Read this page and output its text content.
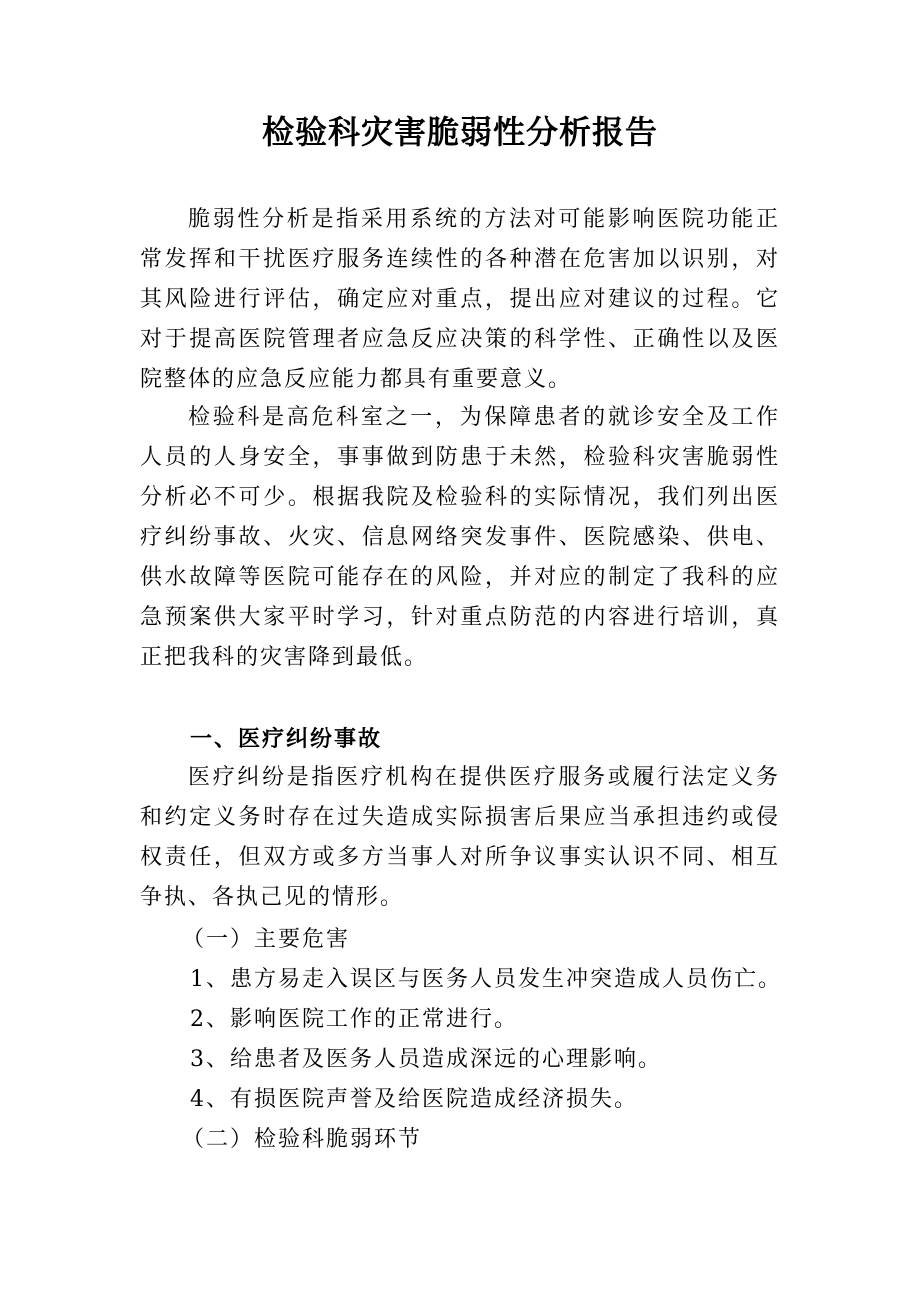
检验科灾害脆弱性分析报告

脆弱性分析是指采用系统的方法对可能影响医院功能正常发挥和干扰医疗服务连续性的各种潜在危害加以识别，对其风险进行评估，确定应对重点，提出应对建议的过程。它对于提高医院管理者应急反应决策的科学性、正确性以及医院整体的应急反应能力都具有重要意义。

检验科是高危科室之一，为保障患者的就诊安全及工作人员的人身安全，事事做到防患于未然，检验科灾害脆弱性分析必不可少。根据我院及检验科的实际情况，我们列出医疗纠纷事故、火灾、信息网络突发事件、医院感染、供电、供水故障等医院可能存在的风险，并对应的制定了我科的应急预案供大家平时学习，针对重点防范的内容进行培训，真正把我科的灾害降到最低。

一、医疗纠纷事故

医疗纠纷是指医疗机构在提供医疗服务或履行法定义务和约定义务时存在过失造成实际损害后果应当承担违约或侵权责任，但双方或多方当事人对所争议事实认识不同、相互争执、各执己见的情形。

（一）主要危害

1、患方易走入误区与医务人员发生冲突造成人员伤亡。

2、影响医院工作的正常进行。

3、给患者及医务人员造成深远的心理影响。

4、有损医院声誉及给医院造成经济损失。

（二）检验科脆弱环节
